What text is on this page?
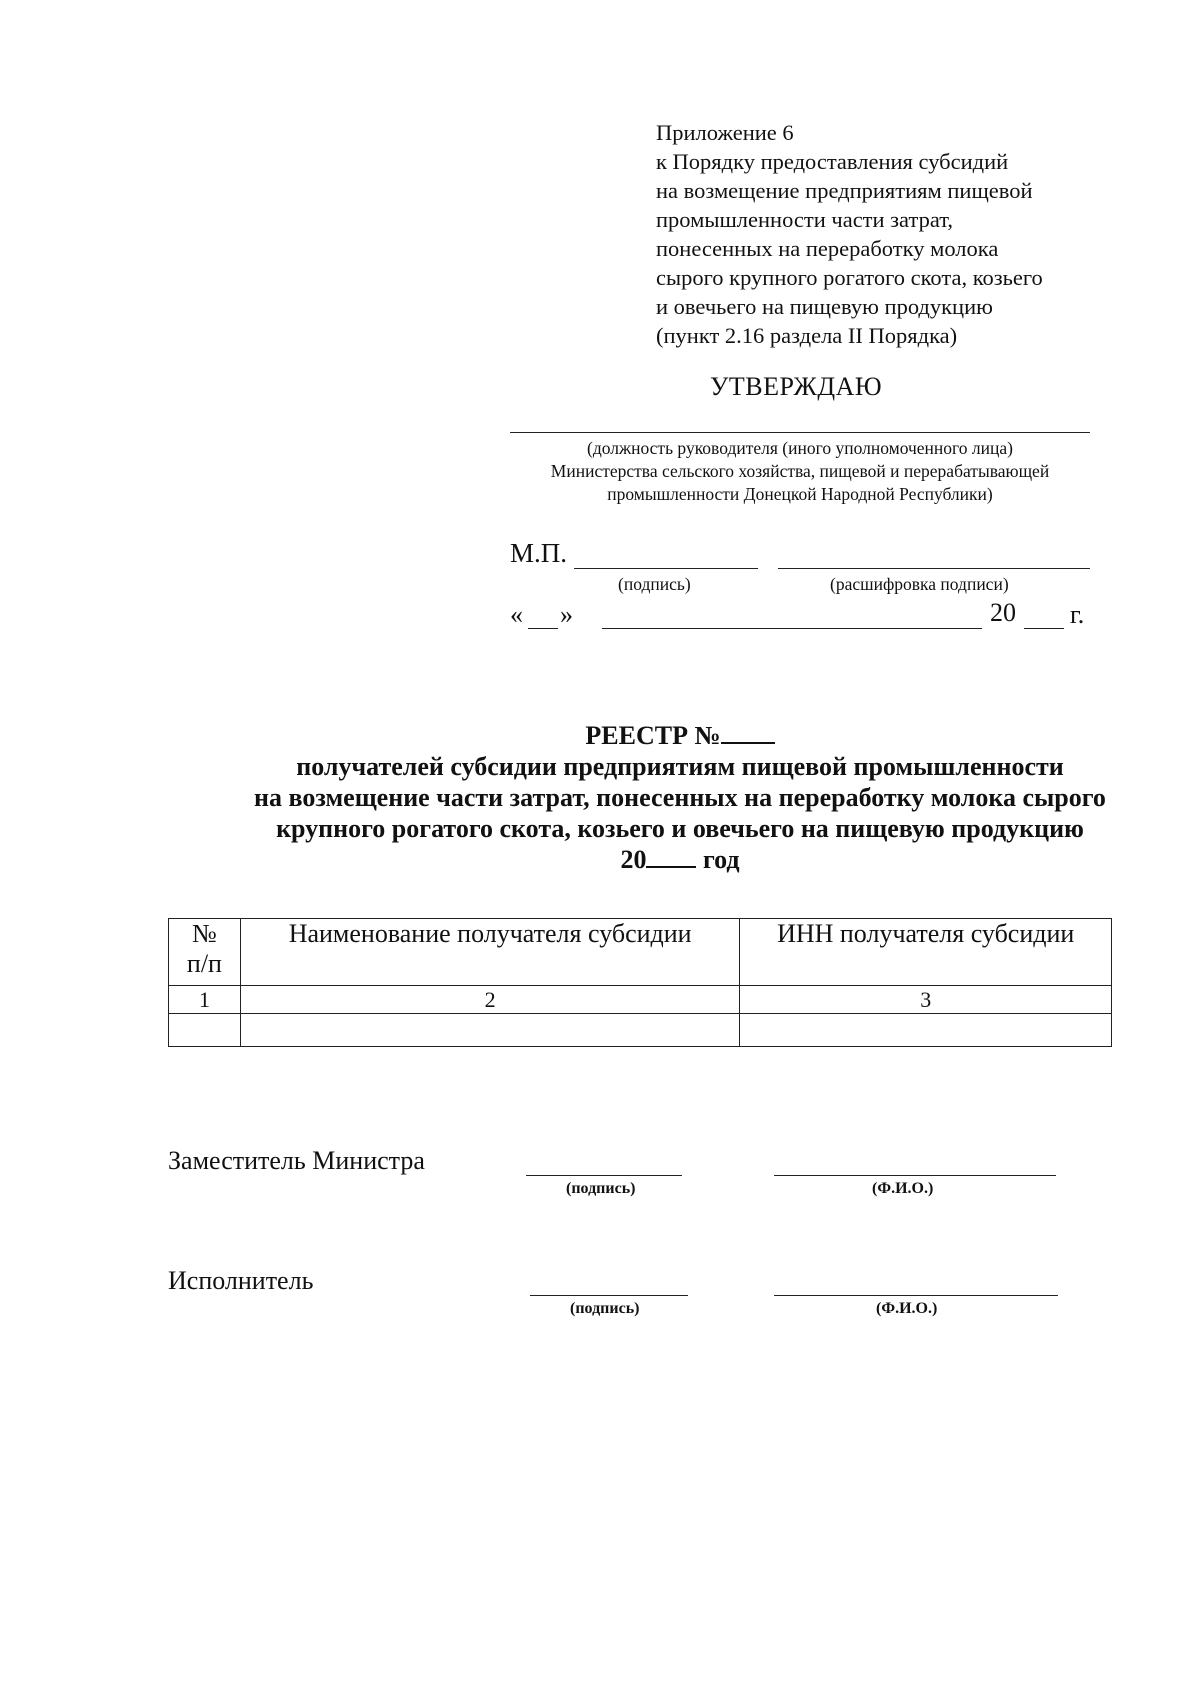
Приложение 6
к Порядку предоставления субсидий
на возмещение предприятиям пищевой
промышленности части затрат,
понесенных на переработку молока
сырого крупного рогатого скота, козьего
и овечьего на пищевую продукцию
(пункт 2.16 раздела II Порядка)
УТВЕРЖДАЮ
(должность руководителя (иного уполномоченного лица)
Министерства сельского хозяйства, пищевой и перерабатывающей
промышленности Донецкой Народной Республики)
М.П.
(подпись)	(расшифровка подписи)
« »	20 г.
РЕЕСТР №
получателей субсидии предприятиям пищевой промышленности
на возмещение части затрат, понесенных на переработку молока сырого
крупного рогатого скота, козьего и овечьего на пищевую продукцию
20 год
№
п/п	Наименование получателя субсидии	ИНН получателя субсидии
1	2	3

Заместитель Министра
(подпись)	(Ф.И.О.)
Исполнитель
(подпись)	(Ф.И.О.)
